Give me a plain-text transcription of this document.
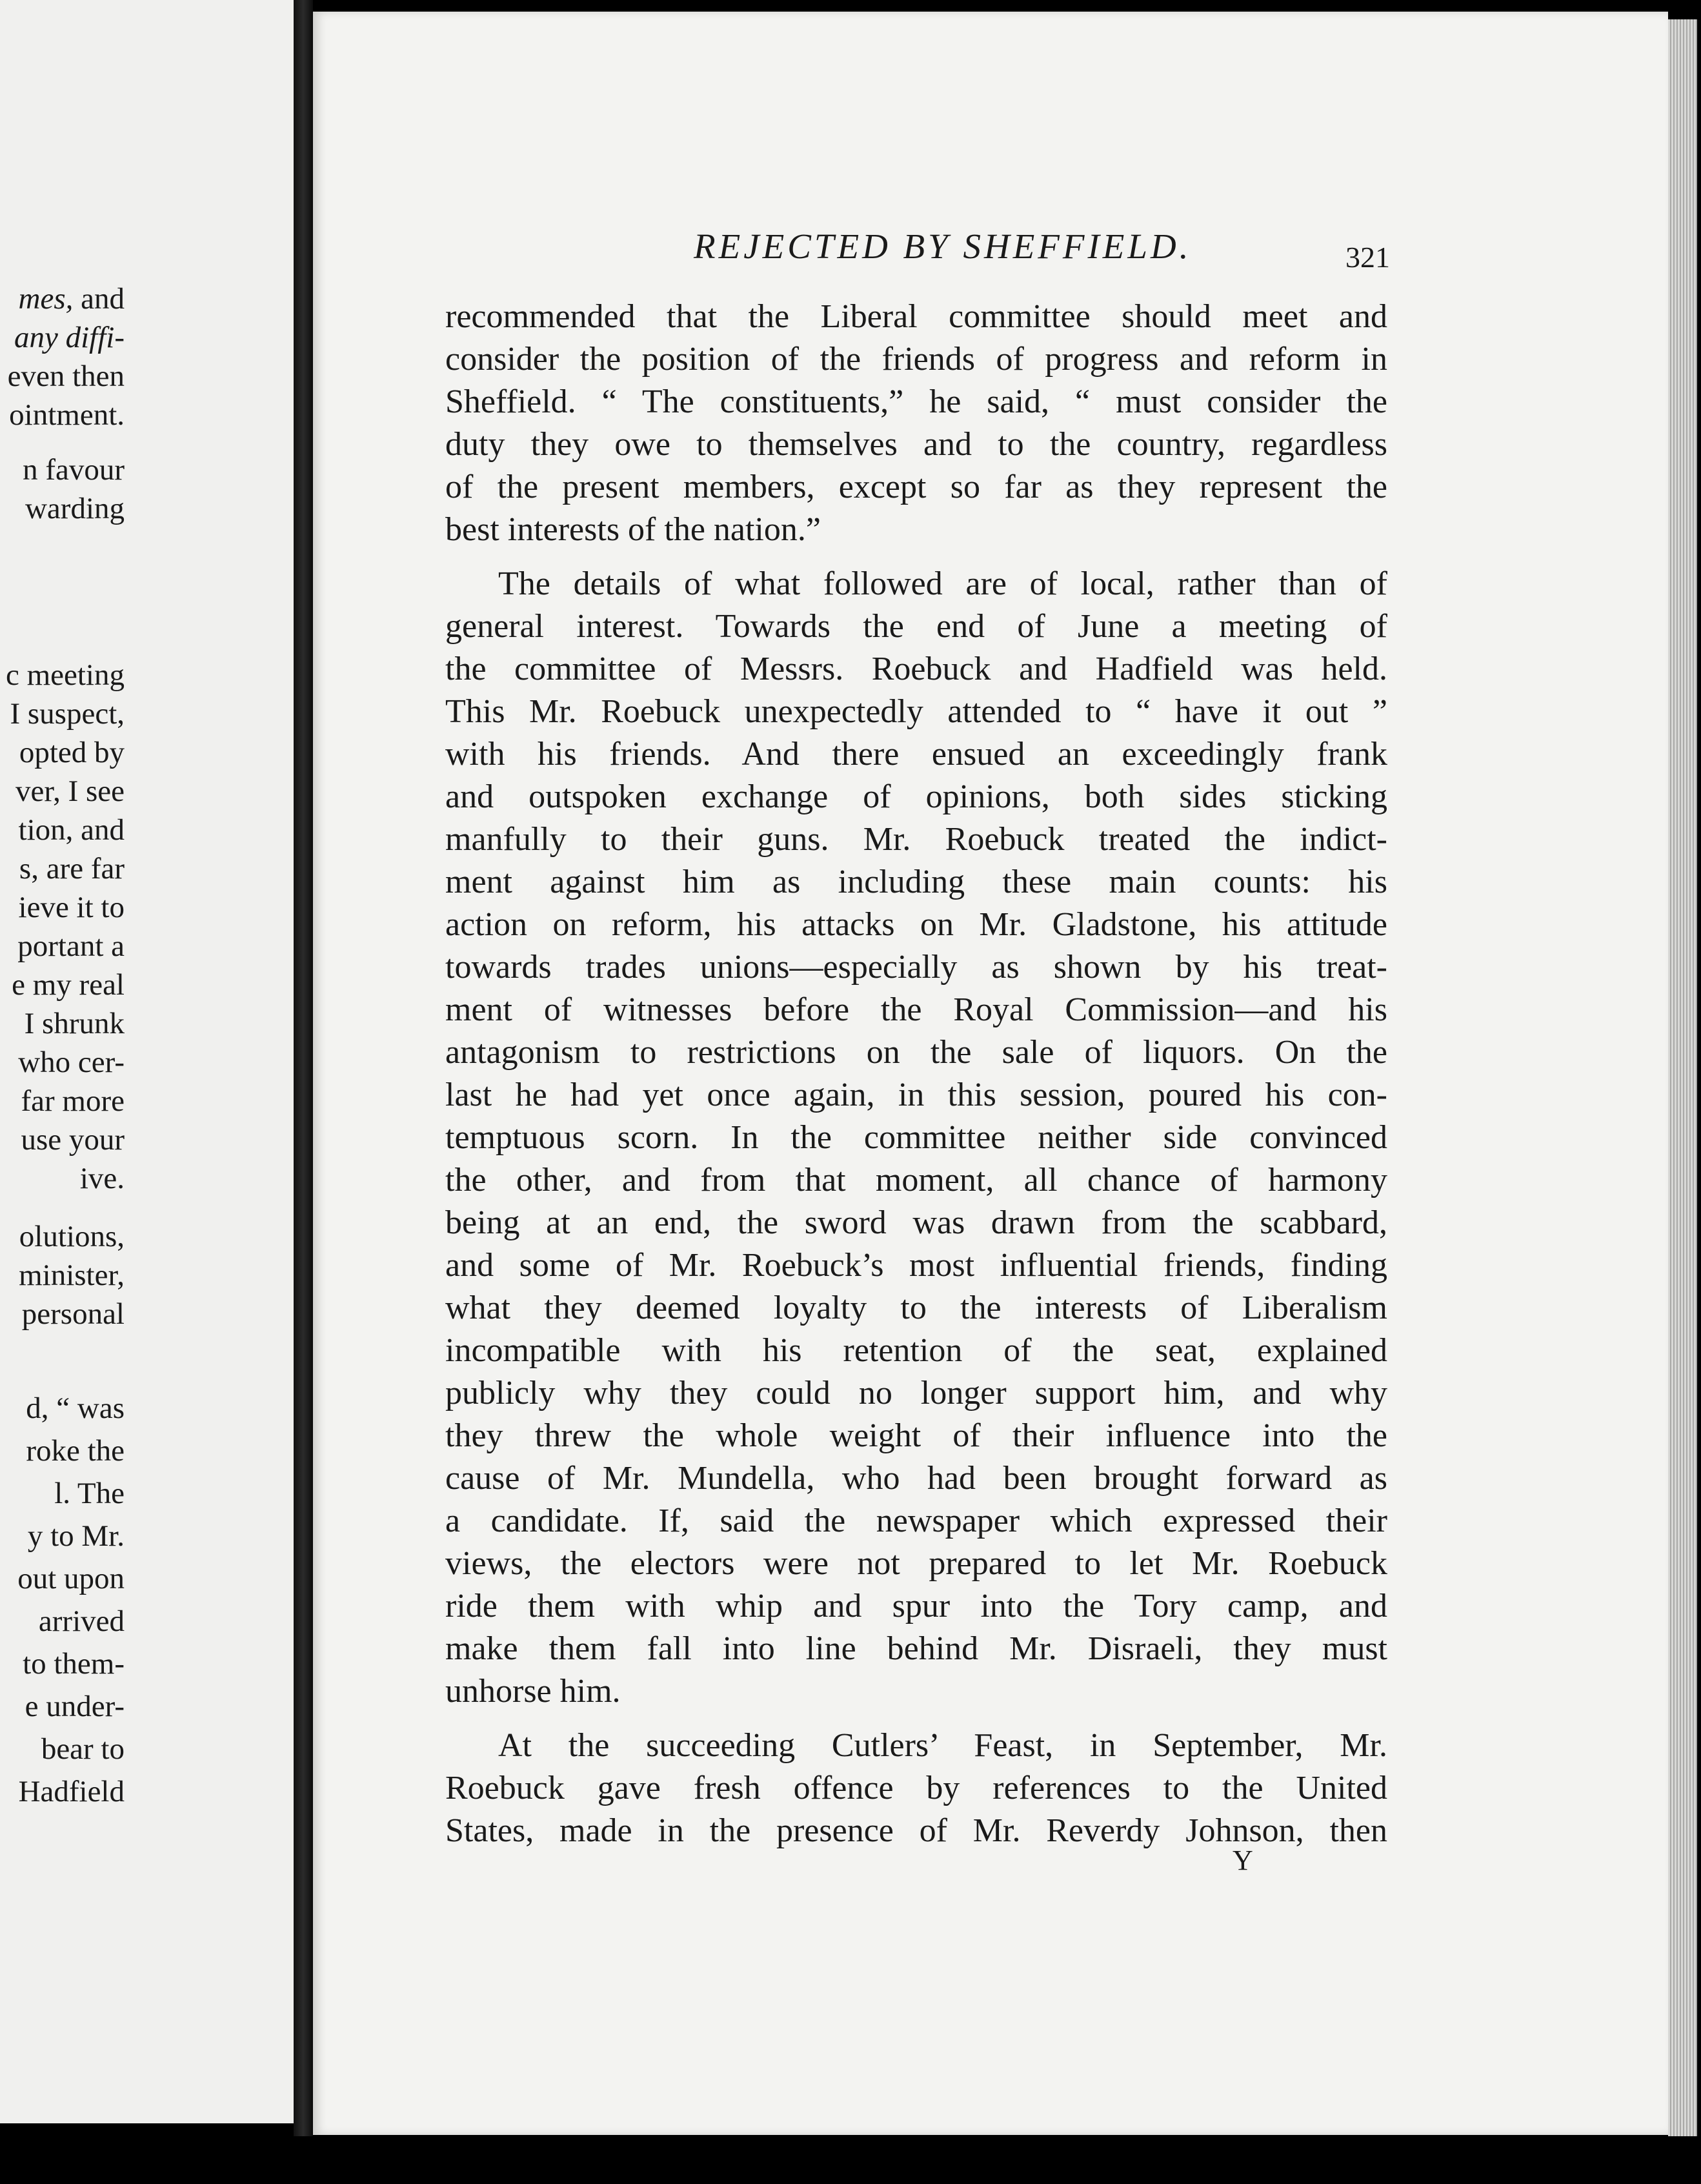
mes, and
any diffi-
even then
ointment.
n favour
warding
c meeting
I suspect,
opted by
ver, I see
tion, and
s, are far
ieve it to
portant a
e my real
I shrunk
who cer-
far more
use your
ive.
olutions,
minister,
personal
d, “ was
roke the
l. The
y to Mr.
out upon
arrived
to them-
e under-
bear to
Hadfield
REJECTED BY SHEFFIELD.	321
recommended that the Liberal committee should meet and
consider the position of the friends of progress and reform in
Sheffield. “ The constituents,” he said, “ must consider the
duty they owe to themselves and to the country, regardless
of the present members, except so far as they represent the
best interests of the nation.”
The details of what followed are of local, rather than of
general interest. Towards the end of June a meeting of
the committee of Messrs. Roebuck and Hadfield was held.
This Mr. Roebuck unexpectedly attended to “ have it out ”
with his friends. And there ensued an exceedingly frank
and outspoken exchange of opinions, both sides sticking
manfully to their guns. Mr. Roebuck treated the indict-
ment against him as including these main counts: his
action on reform, his attacks on Mr. Gladstone, his attitude
towards trades unions—especially as shown by his treat-
ment of witnesses before the Royal Commission—and his
antagonism to restrictions on the sale of liquors. On the
last he had yet once again, in this session, poured his con-
temptuous scorn. In the committee neither side convinced
the other, and from that moment, all chance of harmony
being at an end, the sword was drawn from the scabbard,
and some of Mr. Roebuck’s most influential friends, finding
what they deemed loyalty to the interests of Liberalism
incompatible with his retention of the seat, explained
publicly why they could no longer support him, and why
they threw the whole weight of their influence into the
cause of Mr. Mundella, who had been brought forward as
a candidate. If, said the newspaper which expressed their
views, the electors were not prepared to let Mr. Roebuck
ride them with whip and spur into the Tory camp, and
make them fall into line behind Mr. Disraeli, they must
unhorse him.
At the succeeding Cutlers’ Feast, in September, Mr.
Roebuck gave fresh offence by references to the United
States, made in the presence of Mr. Reverdy Johnson, then
Y
